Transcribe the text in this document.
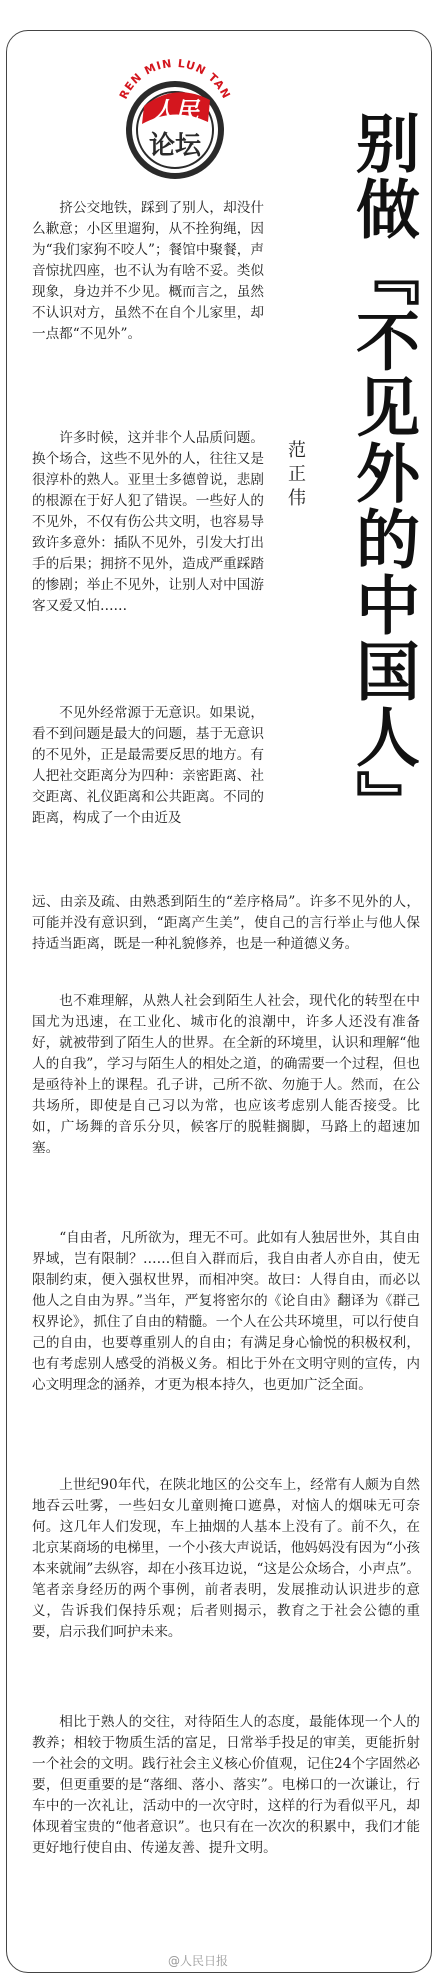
REN MIN LUN TAN
人民
论坛	别做『不见外的中国人』
范正伟

挤公交地铁，踩到了别人，却没什么歉意；小区里遛狗，从不拴狗绳，因为“我们家狗不咬人”；餐馆中聚餐，声音惊扰四座，也不认为有啥不妥。类似现象，身边并不少见。概而言之，虽然不认识对方，虽然不在自个儿家里，却一点都“不见外”。

许多时候，这并非个人品质问题。换个场合，这些不见外的人，往往又是很淳朴的熟人。亚里士多德曾说，悲剧的根源在于好人犯了错误。一些好人的不见外，不仅有伤公共文明，也容易导致许多意外：插队不见外，引发大打出手的后果；拥挤不见外，造成严重踩踏的惨剧；举止不见外，让别人对中国游客又爱又怕……

不见外经常源于无意识。如果说，看不到问题是最大的问题，基于无意识的不见外，正是最需要反思的地方。有人把社交距离分为四种：亲密距离、社交距离、礼仪距离和公共距离。不同的距离，构成了一个由近及

远、由亲及疏、由熟悉到陌生的“差序格局”。许多不见外的人，可能并没有意识到，“距离产生美”，使自己的言行举止与他人保持适当距离，既是一种礼貌修养，也是一种道德义务。

也不难理解，从熟人社会到陌生人社会，现代化的转型在中国尤为迅速，在工业化、城市化的浪潮中，许多人还没有准备好，就被带到了陌生人的世界。在全新的环境里，认识和理解“他人的自我”，学习与陌生人的相处之道，的确需要一个过程，但也是亟待补上的课程。孔子讲，己所不欲、勿施于人。然而，在公共场所，即使是自己习以为常，也应该考虑别人能否接受。比如，广场舞的音乐分贝，候客厅的脱鞋搁脚，马路上的超速加塞。

“自由者，凡所欲为，理无不可。此如有人独居世外，其自由界域，岂有限制？……但自入群而后，我自由者人亦自由，使无限制约束，便入强权世界，而相冲突。故曰：人得自由，而必以他人之自由为界。”当年，严复将密尔的《论自由》翻译为《群己权界论》，抓住了自由的精髓。一个人在公共环境里，可以行使自己的自由，也要尊重别人的自由；有满足身心愉悦的积极权利，也有考虑别人感受的消极义务。相比于外在文明守则的宣传，内心文明理念的涵养，才更为根本持久，也更加广泛全面。

上世纪90年代，在陕北地区的公交车上，经常有人颇为自然地吞云吐雾，一些妇女儿童则掩口遮鼻，对恼人的烟味无可奈何。这几年人们发现，车上抽烟的人基本上没有了。前不久，在北京某商场的电梯里，一个小孩大声说话，他妈妈没有因为“小孩本来就闹”去纵容，却在小孩耳边说，“这是公众场合，小声点”。笔者亲身经历的两个事例，前者表明，发展推动认识进步的意义，告诉我们保持乐观；后者则揭示，教育之于社会公德的重要，启示我们呵护未来。

相比于熟人的交往，对待陌生人的态度，最能体现一个人的教养；相较于物质生活的富足，日常举手投足的审美，更能折射一个社会的文明。践行社会主义核心价值观，记住24个字固然必要，但更重要的是“落细、落小、落实”。电梯口的一次谦让，行车中的一次礼让，活动中的一次守时，这样的行为看似平凡，却体现着宝贵的“他者意识”。也只有在一次次的积累中，我们才能更好地行使自由、传递友善、提升文明。

@人民日报
